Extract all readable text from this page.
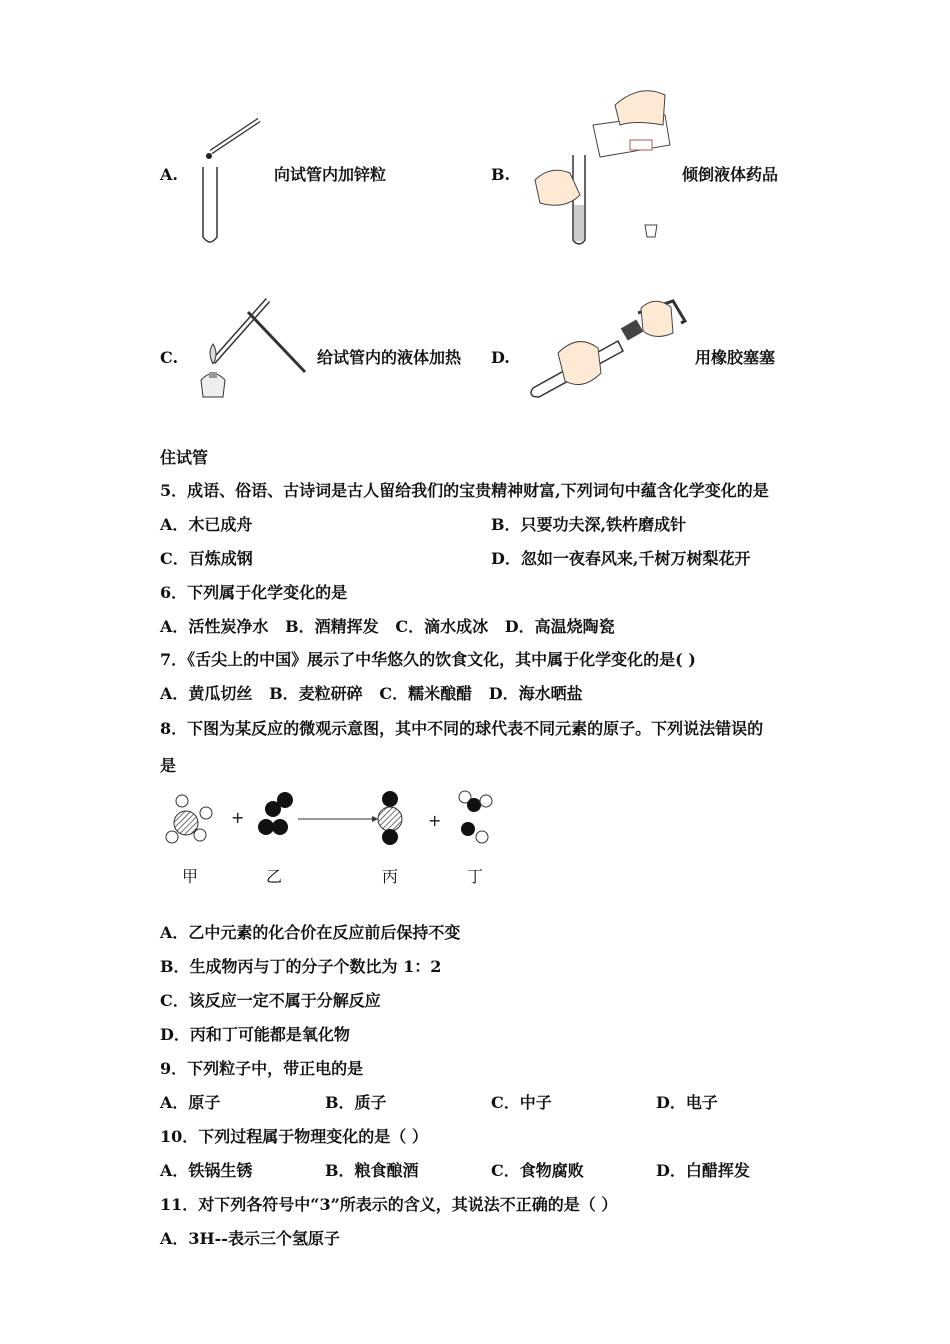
A.	向试管内加锌粒	B.	倾倒液体药品
C.	给试管内的液体加热 D.	用橡胶塞塞
住试管
5．成语、俗语、古诗词是古人留给我们的宝贵精神财富,下列词句中蕴含化学变化的是
A．木已成舟	B．只要功夫深,铁杵磨成针
C．百炼成钢	D．忽如一夜春风来,千树万树梨花开
6．下列属于化学变化的是
A．活性炭净水   B．酒精挥发   C．滴水成冰   D．高温烧陶瓷
7．《舌尖上的中国》展示了中华悠久的饮食文化，其中属于化学变化的是( )
A．黄瓜切丝   B．麦粒研碎   C．糯米酿醋   D．海水晒盐
8．下图为某反应的微观示意图，其中不同的球代表不同元素的原子。下列说法错误的
是
+	+
甲	乙	丙	丁
A．乙中元素的化合价在反应前后保持不变
B．生成物丙与丁的分子个数比为 1：2
C．该反应一定不属于分解反应
D．丙和丁可能都是氧化物
9．下列粒子中，带正电的是
A．原子	B．质子	C．中子	D．电子
10．下列过程属于物理变化的是（ ）
A．铁锅生锈	B．粮食酿酒	C．食物腐败	D．白醋挥发
11．对下列各符号中“3”所表示的含义，其说法不正确的是（ ）
A．3H--表示三个氢原子
